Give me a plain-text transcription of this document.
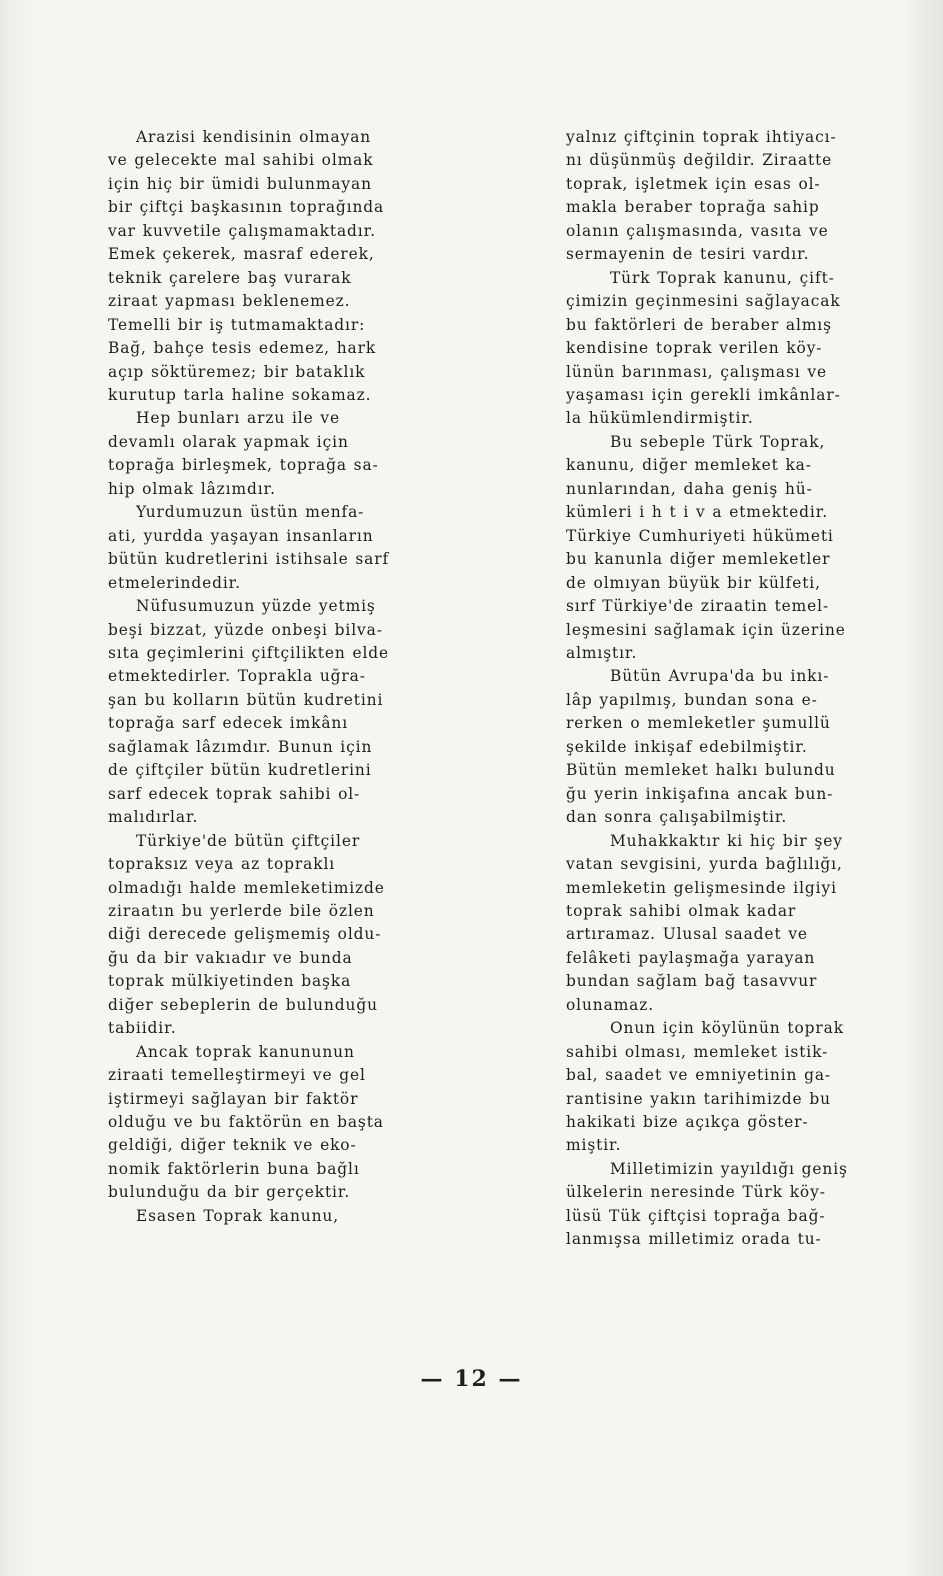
Arazisi kendisinin olmayan
ve gelecekte mal sahibi olmak
için hiç bir ümidi bulunmayan
bir çiftçi başkasının toprağında
var kuvvetile çalışmamaktadır.
Emek çekerek, masraf ederek,
teknik çarelere baş vurarak
ziraat yapması beklenemez.
Temelli bir iş tutmamaktadır:
Bağ, bahçe tesis edemez, hark
açıp söktüremez; bir bataklık
kurutup tarla haline sokamaz.
Hep bunları arzu ile ve
devamlı olarak yapmak için
toprağa birleşmek, toprağa sa-
hip olmak lâzımdır.
Yurdumuzun üstün menfa-
ati, yurdda yaşayan insanların
bütün kudretlerini istihsale sarf
etmelerindedir.
Nüfusumuzun yüzde yetmiş
beşi bizzat, yüzde onbeşi bilva-
sıta geçimlerini çiftçilikten elde
etmektedirler. Toprakla uğra-
şan bu kolların bütün kudretini
toprağa sarf edecek imkânı
sağlamak lâzımdır. Bunun için
de çiftçiler bütün kudretlerini
sarf edecek toprak sahibi ol-
malıdırlar.
Türkiye'de bütün çiftçiler
topraksız veya az topraklı
olmadığı halde memleketimizde
ziraatın bu yerlerde bile özlen
diği derecede gelişmemiş oldu-
ğu da bir vakıadır ve bunda
toprak mülkiyetinden başka
diğer sebeplerin de bulunduğu
tabiidir.
Ancak toprak kanununun
ziraati temelleştirmeyi ve gel
iştirmeyi sağlayan bir faktör
olduğu ve bu faktörün en başta
geldiği, diğer teknik ve eko-
nomik faktörlerin buna bağlı
bulunduğu da bir gerçektir.
Esasen Toprak kanunu,
yalnız çiftçinin toprak ihtiyacı-
nı düşünmüş değildir. Ziraatte
toprak, işletmek için esas ol-
makla beraber toprağa sahip
olanın çalışmasında, vasıta ve
sermayenin de tesiri vardır.
Türk Toprak kanunu, çift-
çimizin geçinmesini sağlayacak
bu faktörleri de beraber almış
kendisine toprak verilen köy-
lünün barınması, çalışması ve
yaşaması için gerekli imkânlar-
la hükümlendirmiştir.
Bu sebeple Türk Toprak,
kanunu, diğer memleket ka-
nunlarından, daha geniş hü-
kümleri i h t i v a etmektedir.
Türkiye Cumhuriyeti hükümeti
bu kanunla diğer memleketler
de olmıyan büyük bir külfeti,
sırf Türkiye'de ziraatin temel-
leşmesini sağlamak için üzerine
almıştır.
Bütün Avrupa'da bu inkı-
lâp yapılmış, bundan sona e-
rerken o memleketler şumullü
şekilde inkişaf edebilmiştir.
Bütün memleket halkı bulundu
ğu yerin inkişafına ancak bun-
dan sonra çalışabilmiştir.
Muhakkaktır ki hiç bir şey
vatan sevgisini, yurda bağlılığı,
memleketin gelişmesinde ilgiyi
toprak sahibi olmak kadar
artıramaz. Ulusal saadet ve
felâketi paylaşmağa yarayan
bundan sağlam bağ tasavvur
olunamaz.
Onun için köylünün toprak
sahibi olması, memleket istik-
bal, saadet ve emniyetinin ga-
rantisine yakın tarihimizde bu
hakikati bize açıkça göster-
miştir.
Milletimizin yayıldığı geniş
ülkelerin neresinde Türk köy-
lüsü Tük çiftçisi toprağa bağ-
lanmışsa milletimiz orada tu-
— 12 —
